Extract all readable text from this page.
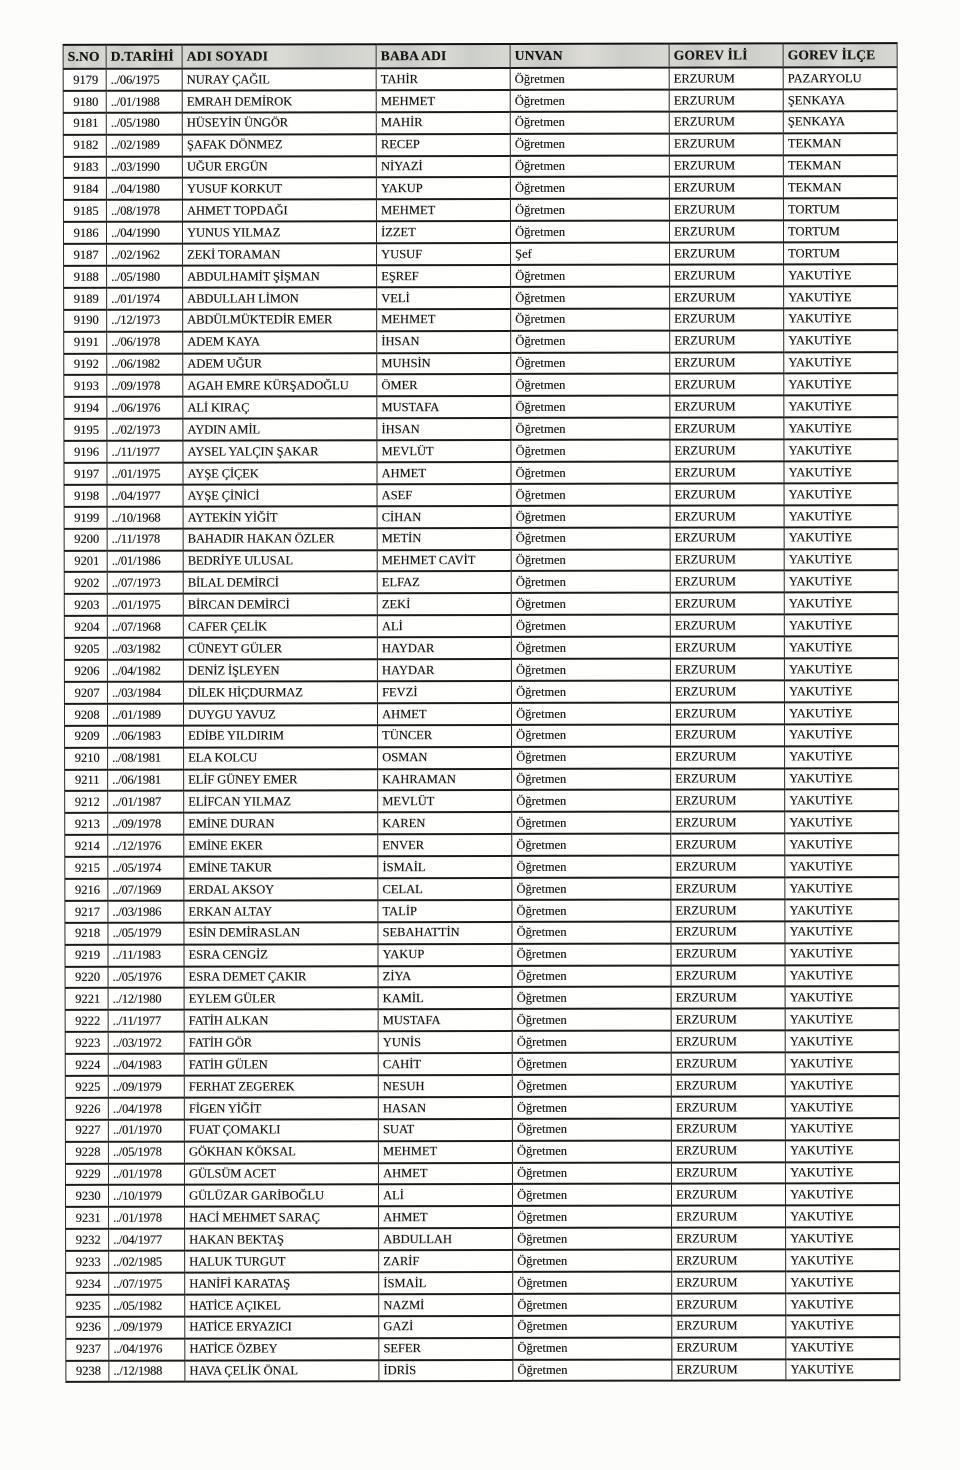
S.NO	D.TARİHİ	ADI SOYADI	BABA ADI	UNVAN	GOREV İLİ	GOREV İLÇE
9179	../06/1975	NURAY ÇAĞIL	TAHİR	Öğretmen	ERZURUM	PAZARYOLU
9180	../01/1988	EMRAH DEMİROK	MEHMET	Öğretmen	ERZURUM	ŞENKAYA
9181	../05/1980	HÜSEYİN ÜNGÖR	MAHİR	Öğretmen	ERZURUM	ŞENKAYA
9182	../02/1989	ŞAFAK DÖNMEZ	RECEP	Öğretmen	ERZURUM	TEKMAN
9183	../03/1990	UĞUR ERGÜN	NİYAZİ	Öğretmen	ERZURUM	TEKMAN
9184	../04/1980	YUSUF KORKUT	YAKUP	Öğretmen	ERZURUM	TEKMAN
9185	../08/1978	AHMET TOPDAĞI	MEHMET	Öğretmen	ERZURUM	TORTUM
9186	../04/1990	YUNUS YILMAZ	İZZET	Öğretmen	ERZURUM	TORTUM
9187	../02/1962	ZEKİ TORAMAN	YUSUF	Şef	ERZURUM	TORTUM
9188	../05/1980	ABDULHAMİT ŞİŞMAN	EŞREF	Öğretmen	ERZURUM	YAKUTİYE
9189	../01/1974	ABDULLAH LİMON	VELİ	Öğretmen	ERZURUM	YAKUTİYE
9190	../12/1973	ABDÜLMÜKTEDİR EMER	MEHMET	Öğretmen	ERZURUM	YAKUTİYE
9191	../06/1978	ADEM KAYA	İHSAN	Öğretmen	ERZURUM	YAKUTİYE
9192	../06/1982	ADEM UĞUR	MUHSİN	Öğretmen	ERZURUM	YAKUTİYE
9193	../09/1978	AGAH EMRE KÜRŞADOĞLU	ÖMER	Öğretmen	ERZURUM	YAKUTİYE
9194	../06/1976	ALİ KIRAÇ	MUSTAFA	Öğretmen	ERZURUM	YAKUTİYE
9195	../02/1973	AYDIN AMİL	İHSAN	Öğretmen	ERZURUM	YAKUTİYE
9196	../11/1977	AYSEL YALÇIN ŞAKAR	MEVLÜT	Öğretmen	ERZURUM	YAKUTİYE
9197	../01/1975	AYŞE ÇİÇEK	AHMET	Öğretmen	ERZURUM	YAKUTİYE
9198	../04/1977	AYŞE ÇİNİCİ	ASEF	Öğretmen	ERZURUM	YAKUTİYE
9199	../10/1968	AYTEKİN YİĞİT	CİHAN	Öğretmen	ERZURUM	YAKUTİYE
9200	../11/1978	BAHADIR HAKAN ÖZLER	METİN	Öğretmen	ERZURUM	YAKUTİYE
9201	../01/1986	BEDRİYE ULUSAL	MEHMET CAVİT	Öğretmen	ERZURUM	YAKUTİYE
9202	../07/1973	BİLAL DEMİRCİ	ELFAZ	Öğretmen	ERZURUM	YAKUTİYE
9203	../01/1975	BİRCAN DEMİRCİ	ZEKİ	Öğretmen	ERZURUM	YAKUTİYE
9204	../07/1968	CAFER ÇELİK	ALİ	Öğretmen	ERZURUM	YAKUTİYE
9205	../03/1982	CÜNEYT GÜLER	HAYDAR	Öğretmen	ERZURUM	YAKUTİYE
9206	../04/1982	DENİZ İŞLEYEN	HAYDAR	Öğretmen	ERZURUM	YAKUTİYE
9207	../03/1984	DİLEK HİÇDURMAZ	FEVZİ	Öğretmen	ERZURUM	YAKUTİYE
9208	../01/1989	DUYGU YAVUZ	AHMET	Öğretmen	ERZURUM	YAKUTİYE
9209	../06/1983	EDİBE YILDIRIM	TÜNCER	Öğretmen	ERZURUM	YAKUTİYE
9210	../08/1981	ELA KOLCU	OSMAN	Öğretmen	ERZURUM	YAKUTİYE
9211	../06/1981	ELİF GÜNEY EMER	KAHRAMAN	Öğretmen	ERZURUM	YAKUTİYE
9212	../01/1987	ELİFCAN YILMAZ	MEVLÜT	Öğretmen	ERZURUM	YAKUTİYE
9213	../09/1978	EMİNE DURAN	KAREN	Öğretmen	ERZURUM	YAKUTİYE
9214	../12/1976	EMİNE EKER	ENVER	Öğretmen	ERZURUM	YAKUTİYE
9215	../05/1974	EMİNE TAKUR	İSMAİL	Öğretmen	ERZURUM	YAKUTİYE
9216	../07/1969	ERDAL AKSOY	CELAL	Öğretmen	ERZURUM	YAKUTİYE
9217	../03/1986	ERKAN ALTAY	TALİP	Öğretmen	ERZURUM	YAKUTİYE
9218	../05/1979	ESİN DEMİRASLAN	SEBAHATTİN	Öğretmen	ERZURUM	YAKUTİYE
9219	../11/1983	ESRA CENGİZ	YAKUP	Öğretmen	ERZURUM	YAKUTİYE
9220	../05/1976	ESRA DEMET ÇAKIR	ZİYA	Öğretmen	ERZURUM	YAKUTİYE
9221	../12/1980	EYLEM GÜLER	KAMİL	Öğretmen	ERZURUM	YAKUTİYE
9222	../11/1977	FATİH ALKAN	MUSTAFA	Öğretmen	ERZURUM	YAKUTİYE
9223	../03/1972	FATİH GÖR	YUNİS	Öğretmen	ERZURUM	YAKUTİYE
9224	../04/1983	FATİH GÜLEN	CAHİT	Öğretmen	ERZURUM	YAKUTİYE
9225	../09/1979	FERHAT ZEGEREK	NESUH	Öğretmen	ERZURUM	YAKUTİYE
9226	../04/1978	FİGEN YİĞİT	HASAN	Öğretmen	ERZURUM	YAKUTİYE
9227	../01/1970	FUAT ÇOMAKLI	SUAT	Öğretmen	ERZURUM	YAKUTİYE
9228	../05/1978	GÖKHAN KÖKSAL	MEHMET	Öğretmen	ERZURUM	YAKUTİYE
9229	../01/1978	GÜLSÜM ACET	AHMET	Öğretmen	ERZURUM	YAKUTİYE
9230	../10/1979	GÜLÜZAR GARİBOĞLU	ALİ	Öğretmen	ERZURUM	YAKUTİYE
9231	../01/1978	HACİ MEHMET SARAÇ	AHMET	Öğretmen	ERZURUM	YAKUTİYE
9232	../04/1977	HAKAN BEKTAŞ	ABDULLAH	Öğretmen	ERZURUM	YAKUTİYE
9233	../02/1985	HALUK TURGUT	ZARİF	Öğretmen	ERZURUM	YAKUTİYE
9234	../07/1975	HANİFİ KARATAŞ	İSMAİL	Öğretmen	ERZURUM	YAKUTİYE
9235	../05/1982	HATİCE AÇIKEL	NAZMİ	Öğretmen	ERZURUM	YAKUTİYE
9236	../09/1979	HATİCE ERYAZICI	GAZİ	Öğretmen	ERZURUM	YAKUTİYE
9237	../04/1976	HATİCE ÖZBEY	SEFER	Öğretmen	ERZURUM	YAKUTİYE
9238	../12/1988	HAVA ÇELİK ÖNAL	İDRİS	Öğretmen	ERZURUM	YAKUTİYE
